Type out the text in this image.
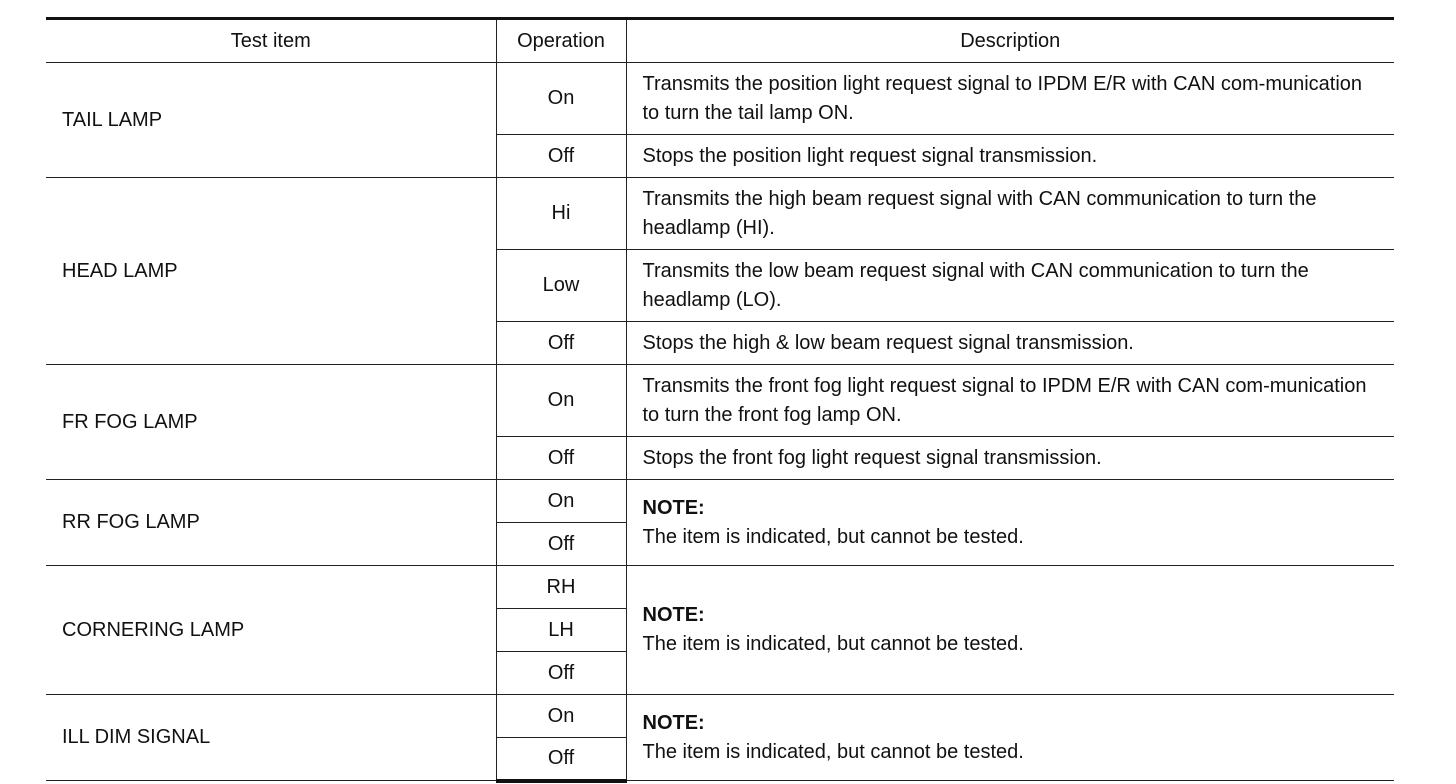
Test item	Operation	Description
TAIL LAMP	On	Transmits the position light request signal to IPDM E/R with CAN com-munication to turn the tail lamp ON.
	Off	Stops the position light request signal transmission.
HEAD LAMP	Hi	Transmits the high beam request signal with CAN communication to turn the headlamp (HI).
	Low	Transmits the low beam request signal with CAN communication to turn the headlamp (LO).
	Off	Stops the high & low beam request signal transmission.
FR FOG LAMP	On	Transmits the front fog light request signal to IPDM E/R with CAN com-munication to turn the front fog lamp ON.
	Off	Stops the front fog light request signal transmission.
RR FOG LAMP	On	NOTE:
The item is indicated, but cannot be tested.

	Off	
CORNERING LAMP	RH	NOTE:
The item is indicated, but cannot be tested.

	LH	
	Off	
ILL DIM SIGNAL	On	NOTE:
The item is indicated, but cannot be tested.

	Off	
